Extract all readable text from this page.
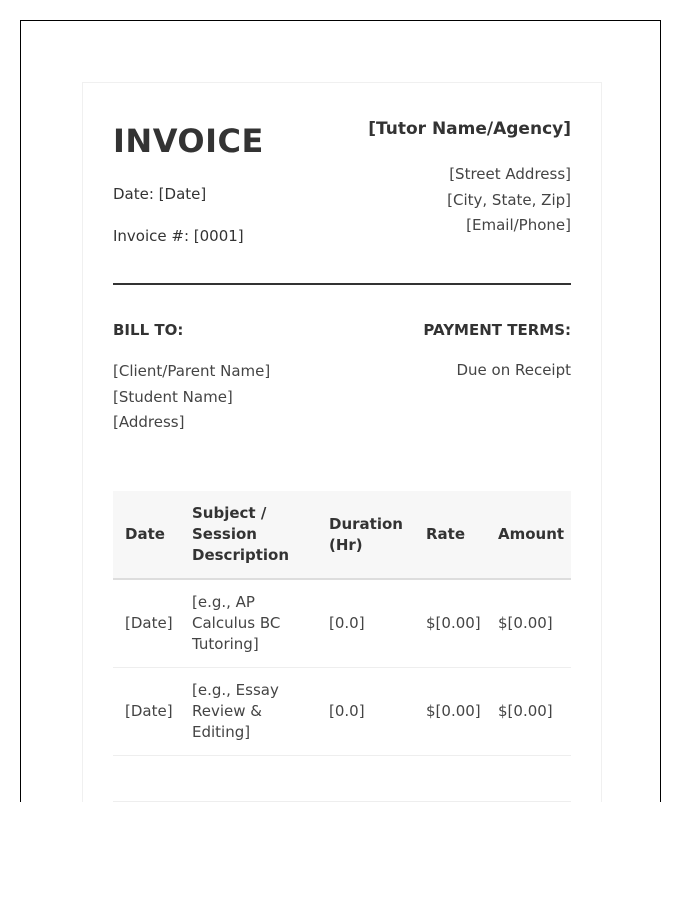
INVOICE
Date: [Date]
Invoice #: [0001]
[Tutor Name/Agency]
[Street Address]
[City, State, Zip]
[Email/Phone]
BILL TO:
[Client/Parent Name]
[Student Name]
[Address]
PAYMENT TERMS:
Due on Receipt
Date	Subject / Session Description	Duration (Hr)	Rate	Amount
[Date]	[e.g., AP Calculus BC Tutoring]	[0.0]	$[0.00]	$[0.00]
[Date]	[e.g., Essay Review & Editing]	[0.0]	$[0.00]	$[0.00]
